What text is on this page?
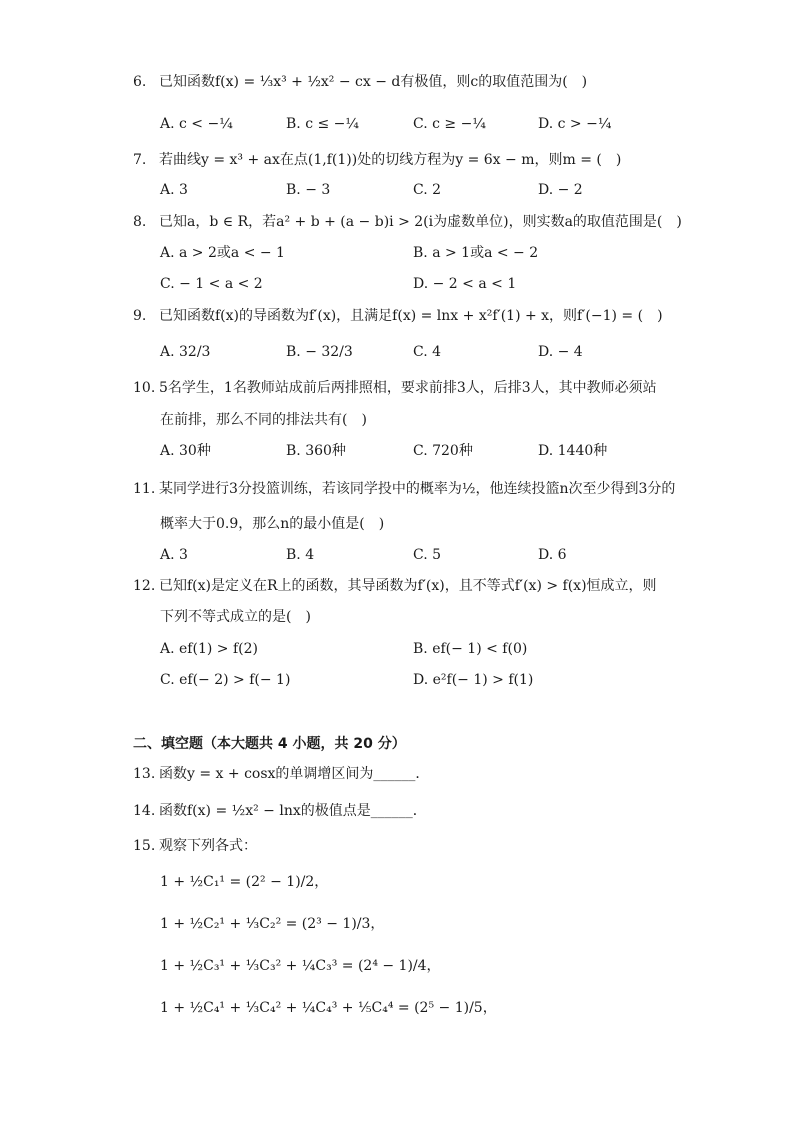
6. 已知函数f(x) = ⅓x³ + ½x² − cx − d有极值，则c的取值范围为(　)
A. c < −¼	B. c ≤ −¼	C. c ≥ −¼	D. c > −¼
7. 若曲线y = x³ + ax在点(1,f(1))处的切线方程为y = 6x − m，则m = (　)
A. 3	B. − 3	C. 2	D. − 2
8. 已知a，b ∈ R，若a² + b + (a − b)i > 2(i为虚数单位)，则实数a的取值范围是(　)
A. a > 2或a < − 1	B. a > 1或a < − 2
C. − 1 < a < 2	D. − 2 < a < 1
9. 已知函数f(x)的导函数为f′(x)，且满足f(x) = lnx + x²f′(1) + x，则f′(−1) = (　)
A. 32/3	B. − 32/3	C. 4	D. − 4
10. 5名学生，1名教师站成前后两排照相，要求前排3人，后排3人，其中教师必须站
在前排，那么不同的排法共有(　)
A. 30种	B. 360种	C. 720种	D. 1440种
11. 某同学进行3分投篮训练，若该同学投中的概率为½，他连续投篮n次至少得到3分的
概率大于0.9，那么n的最小值是(　)
A. 3	B. 4	C. 5	D. 6
12. 已知f(x)是定义在R上的函数，其导函数为f′(x)，且不等式f′(x) > f(x)恒成立，则
下列不等式成立的是(　)
A. ef(1) > f(2)	B. ef(− 1) < f(0)
C. ef(− 2) > f(− 1)	D. e²f(− 1) > f(1)
二、填空题（本大题共 4 小题，共 20 分）
13. 函数y = x + cosx的单调增区间为______．
14. 函数f(x) = ½x² − lnx的极值点是______．
15. 观察下列各式：
1 + ½C₁¹ = (2² − 1)/2，
1 + ½C₂¹ + ⅓C₂² = (2³ − 1)/3，
1 + ½C₃¹ + ⅓C₃² + ¼C₃³ = (2⁴ − 1)/4，
1 + ½C₄¹ + ⅓C₄² + ¼C₄³ + ⅕C₄⁴ = (2⁵ − 1)/5，
